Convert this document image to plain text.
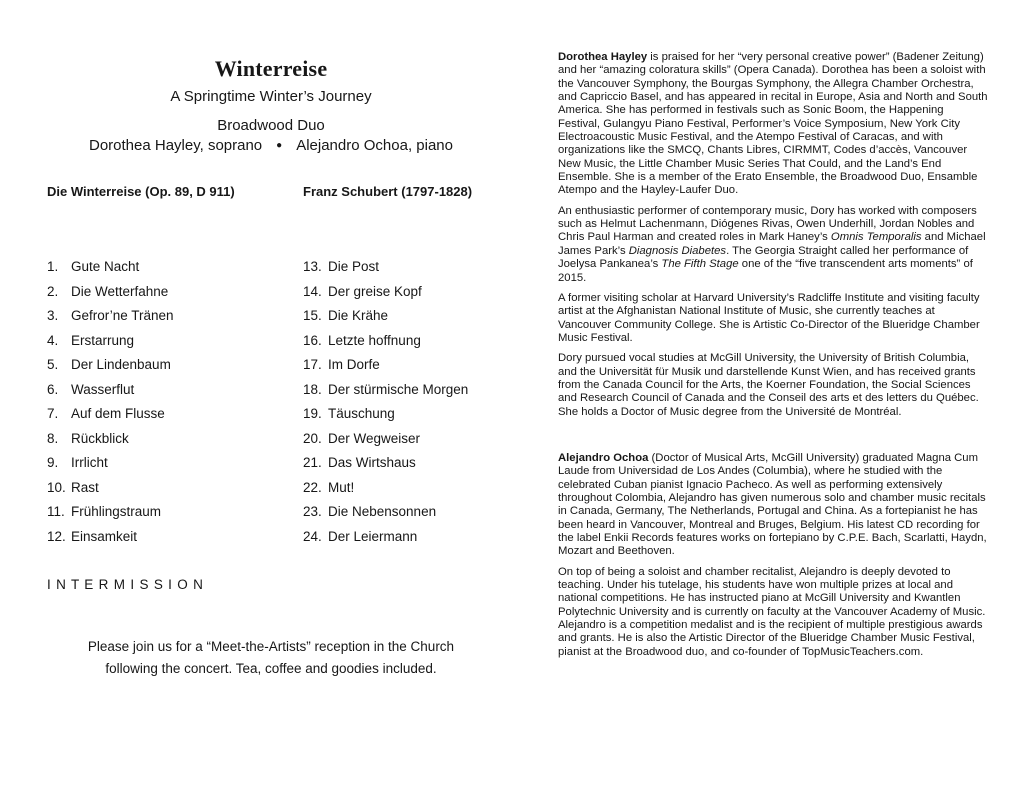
Winterreise
A Springtime Winter’s Journey
Broadwood Duo
Dorothea Hayley, soprano ● Alejandro Ochoa, piano
Die Winterreise (Op. 89, D 911)	Franz Schubert (1797-1828)
1. Gute Nacht
2. Die Wetterfahne
3. Gefror’ne Tränen
4. Erstarrung
5. Der Lindenbaum
6. Wasserflut
7. Auf dem Flusse
8. Rückblick
9. Irrlicht
10. Rast
11. Frühlingstraum
12. Einsamkeit
13. Die Post
14. Der greise Kopf
15. Die Krähe
16. Letzte hoffnung
17. Im Dorfe
18. Der stürmische Morgen
19. Täuschung
20. Der Wegweiser
21. Das Wirtshaus
22. Mut!
23. Die Nebensonnen
24. Der Leiermann
I N T E R M I S S I O N
Please join us for a “Meet-the-Artists” reception in the Church
following the concert. Tea, coffee and goodies included.

Dorothea Hayley is praised for her “very personal creative power” (Badener Zeitung) and her “amazing coloratura skills” (Opera Canada). Dorothea has been a soloist with the Vancouver Symphony, the Bourgas Symphony, the Allegra Chamber Orchestra, and Capriccio Basel, and has appeared in recital in Europe, Asia and North and South America. She has performed in festivals such as Sonic Boom, the Happening Festival, Gulangyu Piano Festival, Performer’s Voice Symposium, New York City Electroacoustic Music Festival, and the Atempo Festival of Caracas, and with organizations like the SMCQ, Chants Libres, CIRMMT, Codes d’accès, Vancouver New Music, the Little Chamber Music Series That Could, and the Land’s End Ensemble. She is a member of the Erato Ensemble, the Broadwood Duo, Ensamble Atempo and the Hayley-Laufer Duo.

An enthusiastic performer of contemporary music, Dory has worked with composers such as Helmut Lachenmann, Diógenes Rivas, Owen Underhill, Jordan Nobles and Chris Paul Harman and created roles in Mark Haney’s Omnis Temporalis and Michael James Park’s Diagnosis Diabetes. The Georgia Straight called her performance of Joelysa Pankanea’s The Fifth Stage one of the “five transcendent arts moments” of 2015.

A former visiting scholar at Harvard University’s Radcliffe Institute and visiting faculty artist at the Afghanistan National Institute of Music, she currently teaches at Vancouver Community College. She is Artistic Co-Director of the Blueridge Chamber Music Festival.

Dory pursued vocal studies at McGill University, the University of British Columbia, and the Universität für Musik und darstellende Kunst Wien, and has received grants from the Canada Council for the Arts, the Koerner Foundation, the Social Sciences and Research Council of Canada and the Conseil des arts et des letters du Québec. She holds a Doctor of Music degree from the Université de Montréal.

Alejandro Ochoa (Doctor of Musical Arts, McGill University) graduated Magna Cum Laude from Universidad de Los Andes (Columbia), where he studied with the celebrated Cuban pianist Ignacio Pacheco. As well as performing extensively throughout Colombia, Alejandro has given numerous solo and chamber music recitals in Canada, Germany, The Netherlands, Portugal and China. As a fortepianist he has been heard in Vancouver, Montreal and Bruges, Belgium. His latest CD recording for the label Enkii Records features works on fortepiano by C.P.E. Bach, Scarlatti, Haydn, Mozart and Beethoven.

On top of being a soloist and chamber recitalist, Alejandro is deeply devoted to teaching. Under his tutelage, his students have won multiple prizes at local and national competitions. He has instructed piano at McGill University and Kwantlen Polytechnic University and is currently on faculty at the Vancouver Academy of Music. Alejandro is a competition medalist and is the recipient of multiple prestigious awards and grants. He is also the Artistic Director of the Blueridge Chamber Music Festival, pianist at the Broadwood duo, and co-founder of TopMusicTeachers.com.
